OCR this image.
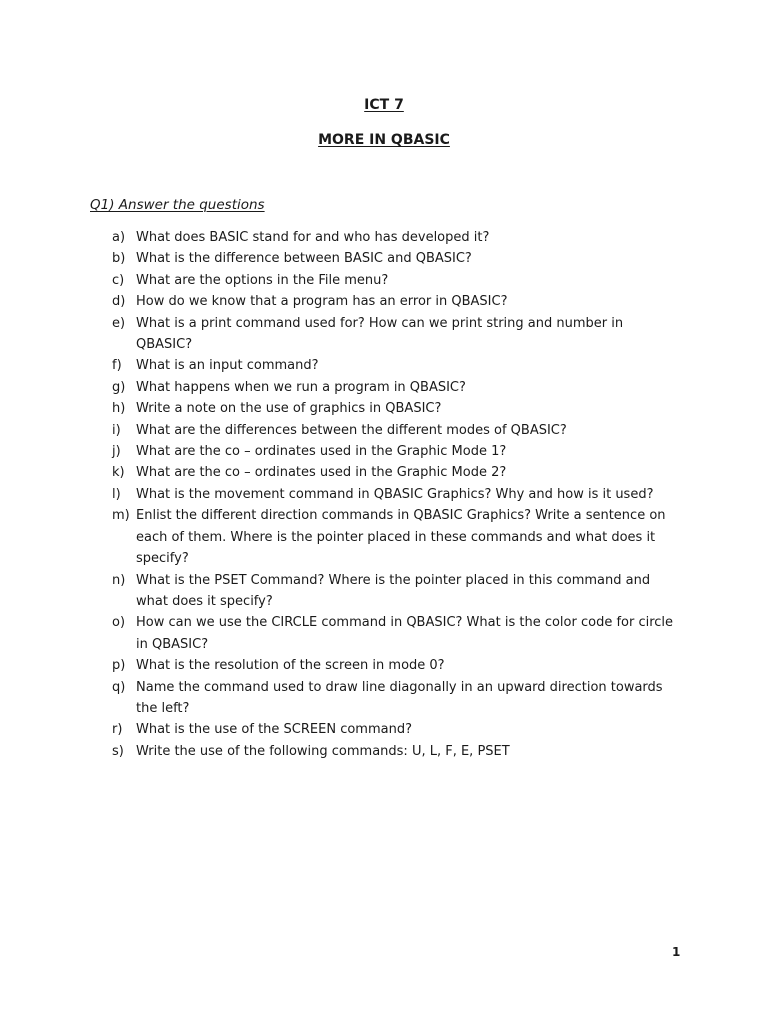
ICT 7
MORE IN QBASIC

Q1) Answer the questions

a) What does BASIC stand for and who has developed it?
b) What is the difference between BASIC and QBASIC?
c) What are the options in the File menu?
d) How do we know that a program has an error in QBASIC?
e) What is a print command used for? How can we print string and number in QBASIC?
f) What is an input command?
g) What happens when we run a program in QBASIC?
h) Write a note on the use of graphics in QBASIC?
i) What are the differences between the different modes of QBASIC?
j) What are the co – ordinates used in the Graphic Mode 1?
k) What are the co – ordinates used in the Graphic Mode 2?
l) What is the movement command in QBASIC Graphics? Why and how is it used?
m) Enlist the different direction commands in QBASIC Graphics? Write a sentence on each of them. Where is the pointer placed in these commands and what does it specify?
n) What is the PSET Command? Where is the pointer placed in this command and what does it specify?
o) How can we use the CIRCLE command in QBASIC? What is the color code for circle in QBASIC?
p) What is the resolution of the screen in mode 0?
q) Name the command used to draw line diagonally in an upward direction towards the left?
r) What is the use of the SCREEN command?
s) Write the use of the following commands: U, L, F, E, PSET
1
